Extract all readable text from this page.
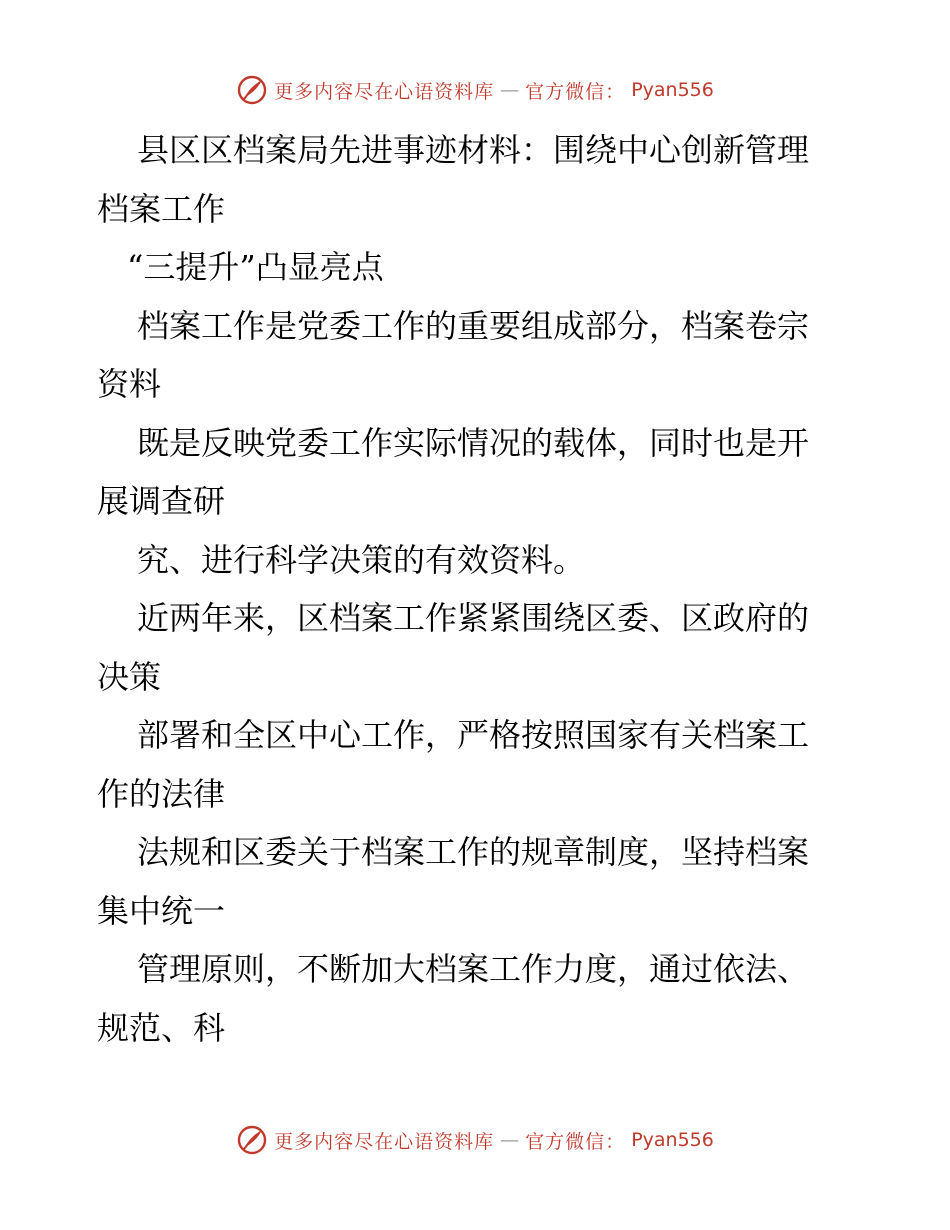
更多内容尽在心语资料库 — 官方微信： Pyan556

县区区档案局先进事迹材料：围绕中心创新管理

档案工作

“三提升”凸显亮点

档案工作是党委工作的重要组成部分，档案卷宗

资料

既是反映党委工作实际情况的载体，同时也是开

展调查研

究、进行科学决策的有效资料。

近两年来，区档案工作紧紧围绕区委、区政府的

决策

部署和全区中心工作，严格按照国家有关档案工

作的法律

法规和区委关于档案工作的规章制度，坚持档案

集中统一

管理原则，不断加大档案工作力度，通过依法、

规范、科

更多内容尽在心语资料库 — 官方微信： Pyan556
